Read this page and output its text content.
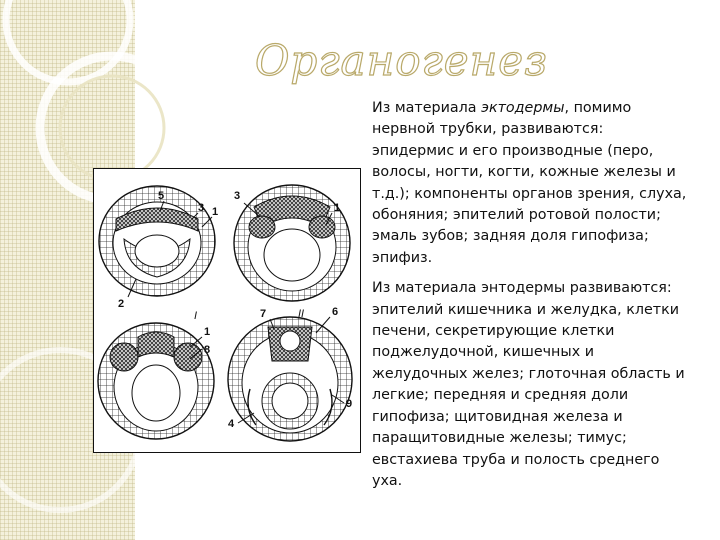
Органогенез
5
3 1
2
3
1
1
8
7	6
9
4
I	II

Из материала эктодермы, помимо нервной трубки, развиваются: эпидермис и его производные (перо, волосы, ногти, когти, кожные железы и т.д.); компоненты органов зрения, слуха, обоняния; эпителий ротовой полости; эмаль зубов; задняя доля гипофиза; эпифиз.

Из материала энтодермы развиваются:
эпителий кишечника и желудка, клетки печени, секретирующие клетки поджелудочной, кишечных и желудочных желез; глоточная область и легкие; передняя и средняя доли гипофиза; щитовидная железа и паращитовидные железы; тимус; евстахиева труба и полость среднего уха.
